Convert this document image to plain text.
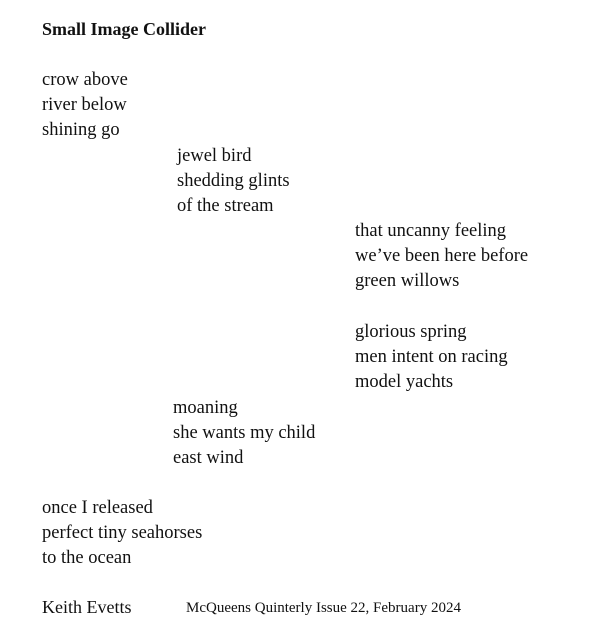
Small Image Collider
crow above
river below
shining go
jewel bird
shedding glints
of the stream
that uncanny feeling
we’ve been here before
green willows
glorious spring
men intent on racing
model yachts
moaning
she wants my child
east wind
once I released
perfect tiny seahorses
to the ocean
Keith Evetts	McQueens Quinterly Issue 22, February 2024
